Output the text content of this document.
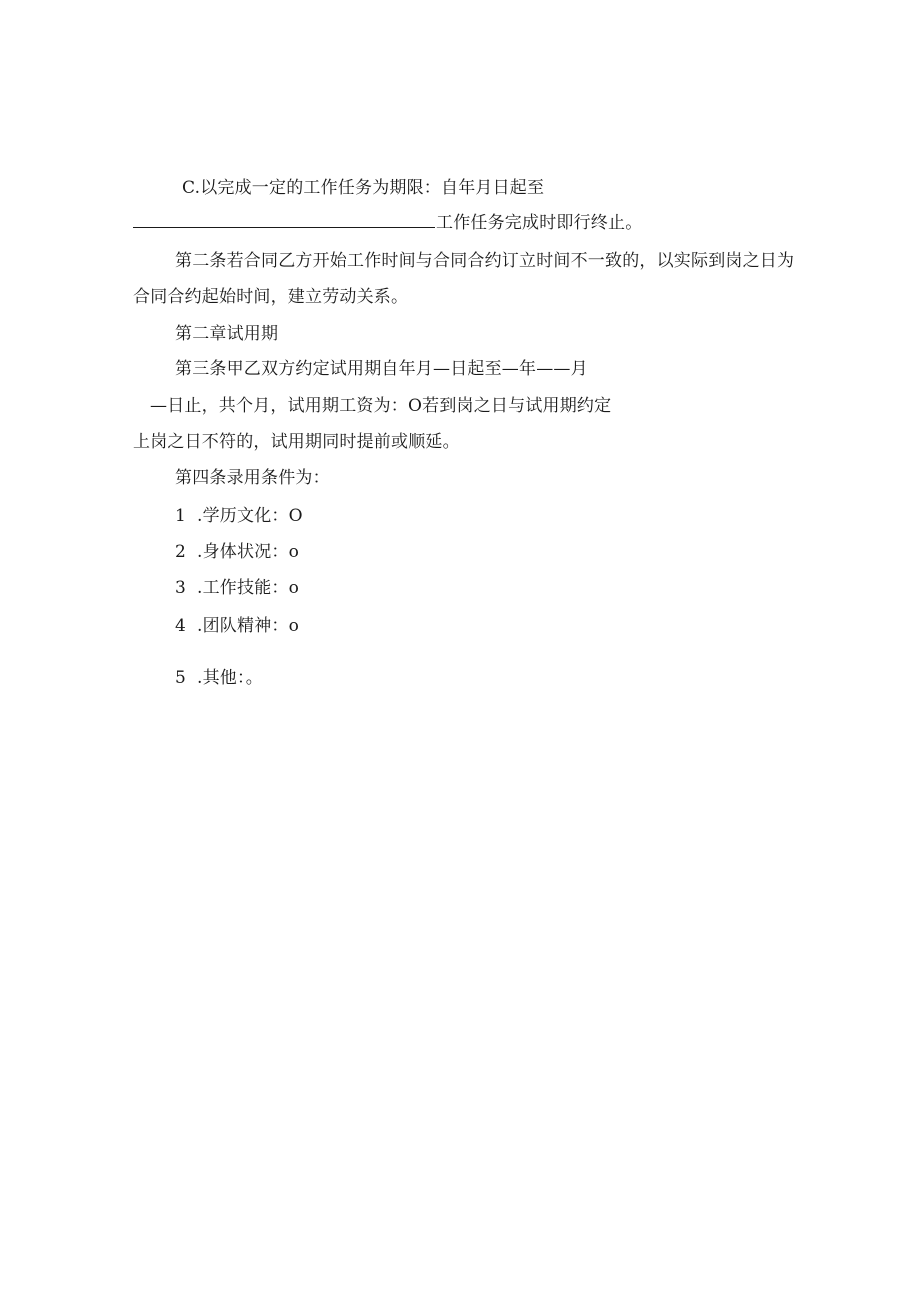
C.以完成一定的工作任务为期限：自年月日起至
工作任务完成时即行终止。
第二条若合同乙方开始工作时间与合同合约订立时间不一致的，以实际到岗之日为
合同合约起始时间，建立劳动关系。
第二章试用期
第三条甲乙双方约定试用期自年月—日起至—年——月
—日止，共个月，试用期工资为：O若到岗之日与试用期约定
上岗之日不符的，试用期同时提前或顺延。
第四条录用条件为：
1 .学历文化：O
2 .身体状况：o
3 .工作技能：o
4 .团队精神：o
5 .其他：。
